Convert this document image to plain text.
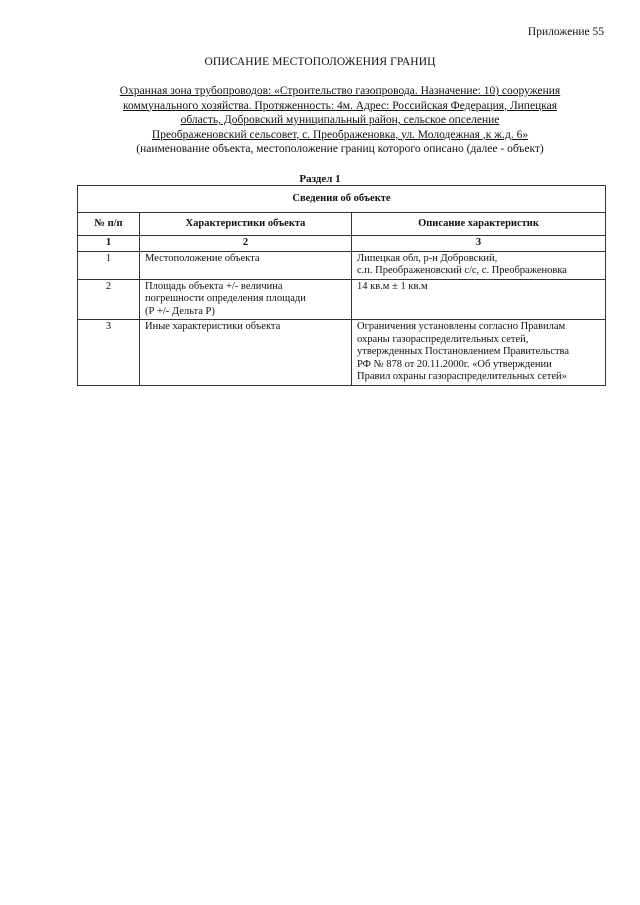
Приложение 55
ОПИСАНИЕ МЕСТОПОЛОЖЕНИЯ ГРАНИЦ
Охранная зона трубопроводов: «Строительство газопровода. Назначение: 10) сооружения
коммунального хозяйства. Протяженность: 4м. Адрес: Российская Федерация, Липецкая
область, Добровский муниципальный район, сельское опселение
Преображеновский сельсовет, с. Преображеновка, ул. Молодежная ,к ж.д. 6»
(наименование объекта, местоположение границ которого описано (далее - объект)
Раздел 1
Сведения об объекте		
№ п/п	Характеристики объекта	Описание характеристик
1	2	3
1	Местоположение объекта	Липецкая обл, р-н Добровский,
с.п. Преображеновский с/с, с. Преображеновка
2	Площадь объекта +/- величина
погрешности определения площади
(Р +/- Дельта Р)	14 кв.м ± 1 кв.м
3	Иные характеристики объекта	Ограничения установлены согласно Правилам
охраны газораспределительных сетей,
утвержденных Постановлением Правительства
РФ № 878 от 20.11.2000г. «Об утверждении
Правил охраны газораспределительных сетей»
